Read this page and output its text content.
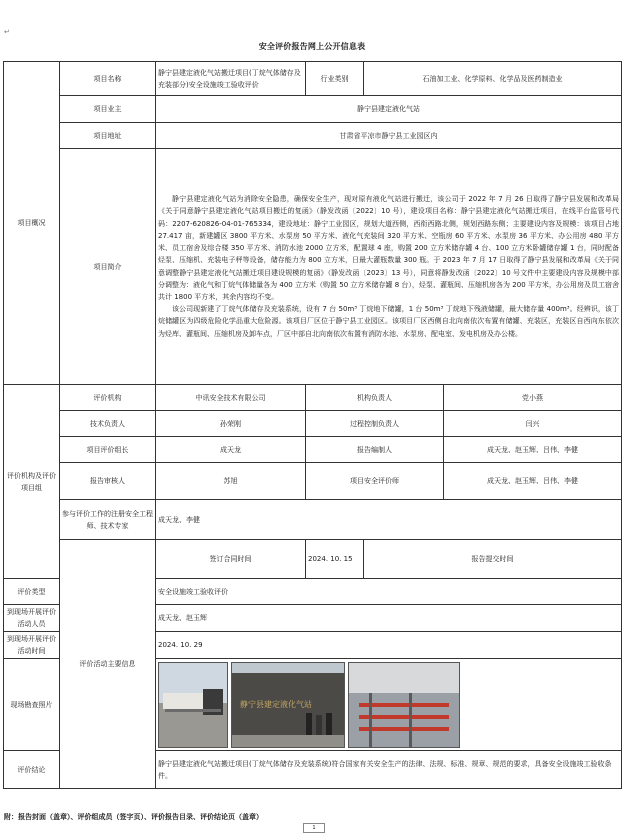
↵
安全评价报告网上公开信息表
项目概况	项目名称	静宁县建定液化气站搬迁项目(丁烷气体储存及充装部分)安全设施竣工验收评价	行业类别	石油加工业、化学原料、化学品及医药制造业		
	项目业主	静宁县建定液化气站				
	项目地址	甘肃省平凉市静宁县工业园区内				
	项目简介	静宁县建定液化气站为消除安全隐患，确保安全生产，现对原有液化气站进行搬迁，该公司于 2022 年 7 月 26 日取得了静宁县发展和改革局《关于同意静宁县建定液化气站项目搬迁的复函》（静发改函〔2022〕10 号），建设项目名称：静宁县建定液化气站搬迁项目，在线平台监管号代码：2207-620826-04-01-765334，建设地址：静宁工业园区，规划大道西侧，西衔西路北侧，规划西路东侧；主要建设内容及规模：该项目占地 27.417 亩，新建罐区 3800 平方米、水泵房 50 平方米、液化气充装间 320 平方米、空瓶房 60 平方米、水泵房 36 平方米、办公用房 480 平方米、员工宿舍及综合楼 350 平方米、消防水池 2000 立方米，配置球 4 座，购置 200 立方米储存罐 4 台、100 立方米卧罐储存罐 1 台，同时配备烃泵、压缩机、充装电子秤等设备，储存能力为 800 立方米，日最大灌瓶数量 300 瓶。于 2023 年 7 月 17 日取得了静宁县发展和改革局《关于同意调整静宁县建定液化气站搬迁项目建设规模的复函》（静发改函〔2023〕13 号），同意将静发改函〔2022〕10 号文件中主要建设内容及规模中部分调整为：液化气和丁烷气体储量各为 400 立方米（购置 50 立方米储存罐 8 台），烃泵、灌瓶间、压缩机房各为 200 平方米，办公用房及员工宿舍共计 1800 平方米，其余内容均不变。

该公司现新建了丁烷气体储存及充装系统，设有 7 台 50m³ 丁烷地下储罐，1 台 50m³ 丁烷地下残液储罐，最大储存量 400m³。经辨识，该丁烷储罐区为四级危险化学品重大危险源。该项目厂区位于静宁县工业园区。该项目厂区西侧自北向南依次布置有储罐、充装区，充装区自西向东依次为烃库、灌瓶间、压缩机房及卸车点，厂区中部自北向南依次布置有消防水池、水泵房、配电室、发电机房及办公楼。				

评价机构及评价项目组	评价机构	中讯安全技术有限公司	机构负责人		党小燕	
	技术负责人	孙荣刚	过程控制负责人		闫兴	
	项目评价组长	成天龙	报告编制人		成天龙、赵玉辉、吕伟、李健	
	报告审核人	苏旭	项目安全评价师		成天龙、赵玉辉、吕伟、李健	
	参与评价工作的注册安全工程师、技术专家	成天龙、李健				
	评价活动主要信息	签订合同时间	2024. 10. 15	报告提交时间	
评价类型		安全设施竣工验收评价				
到现场开展评价活动人员		成天龙、赵玉辉				
到现场开展评价活动时间		2024. 10. 29				
现场勘查照片		静宁县建定液化气站				

评价结论		静宁县建定液化气站搬迁项目(丁烷气体储存及充装系统)符合国家有关安全生产的法律、法规、标准、规章、规范的要求，具备安全设施竣工验收条件。				
附：报告封面（盖章）、评价组成员（签字页）、评价报告目录、评价结论页（盖章）
1
